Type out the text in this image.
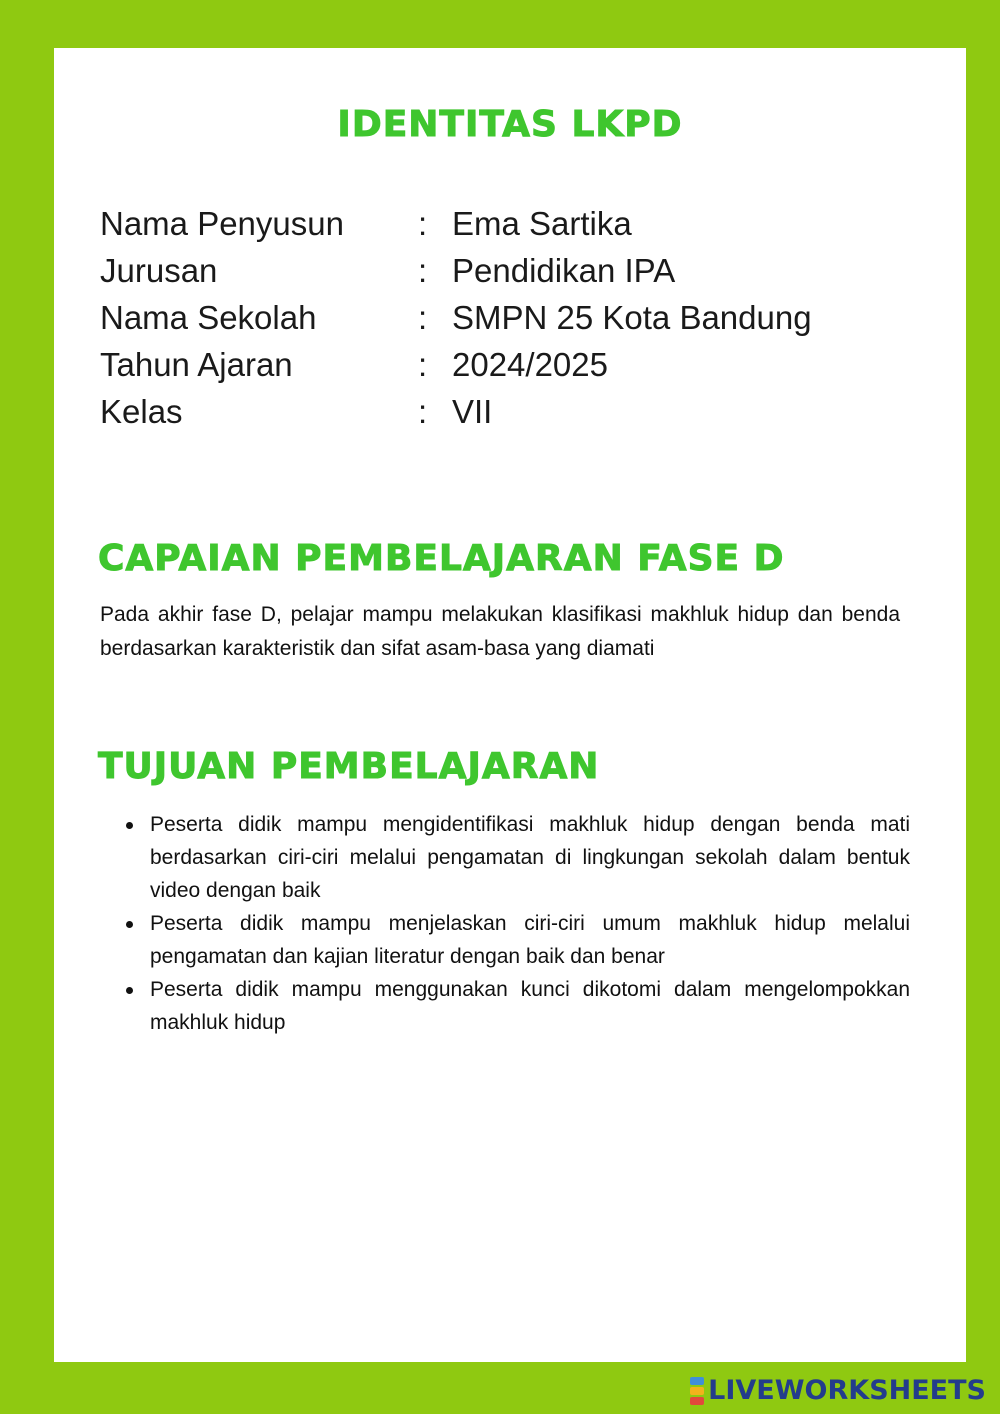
IDENTITAS LKPD
Nama Penyusun	: Ema Sartika
Jurusan	: Pendidikan IPA
Nama Sekolah	: SMPN 25 Kota Bandung
Tahun Ajaran	: 2024/2025
Kelas	: VII
CAPAIAN PEMBELAJARAN FASE D

Pada akhir fase D, pelajar mampu melakukan klasifikasi makhluk hidup dan benda berdasarkan karakteristik dan sifat asam-basa yang diamati

TUJUAN PEMBELAJARAN
Peserta didik mampu mengidentifikasi makhluk hidup dengan benda mati berdasarkan ciri-ciri melalui pengamatan di lingkungan sekolah dalam bentuk video dengan baik
Peserta didik mampu menjelaskan ciri-ciri umum makhluk hidup melalui pengamatan dan kajian literatur dengan baik dan benar
Peserta didik mampu menggunakan kunci dikotomi dalam mengelompokkan makhluk hidup
LIVEWORKSHEETS
